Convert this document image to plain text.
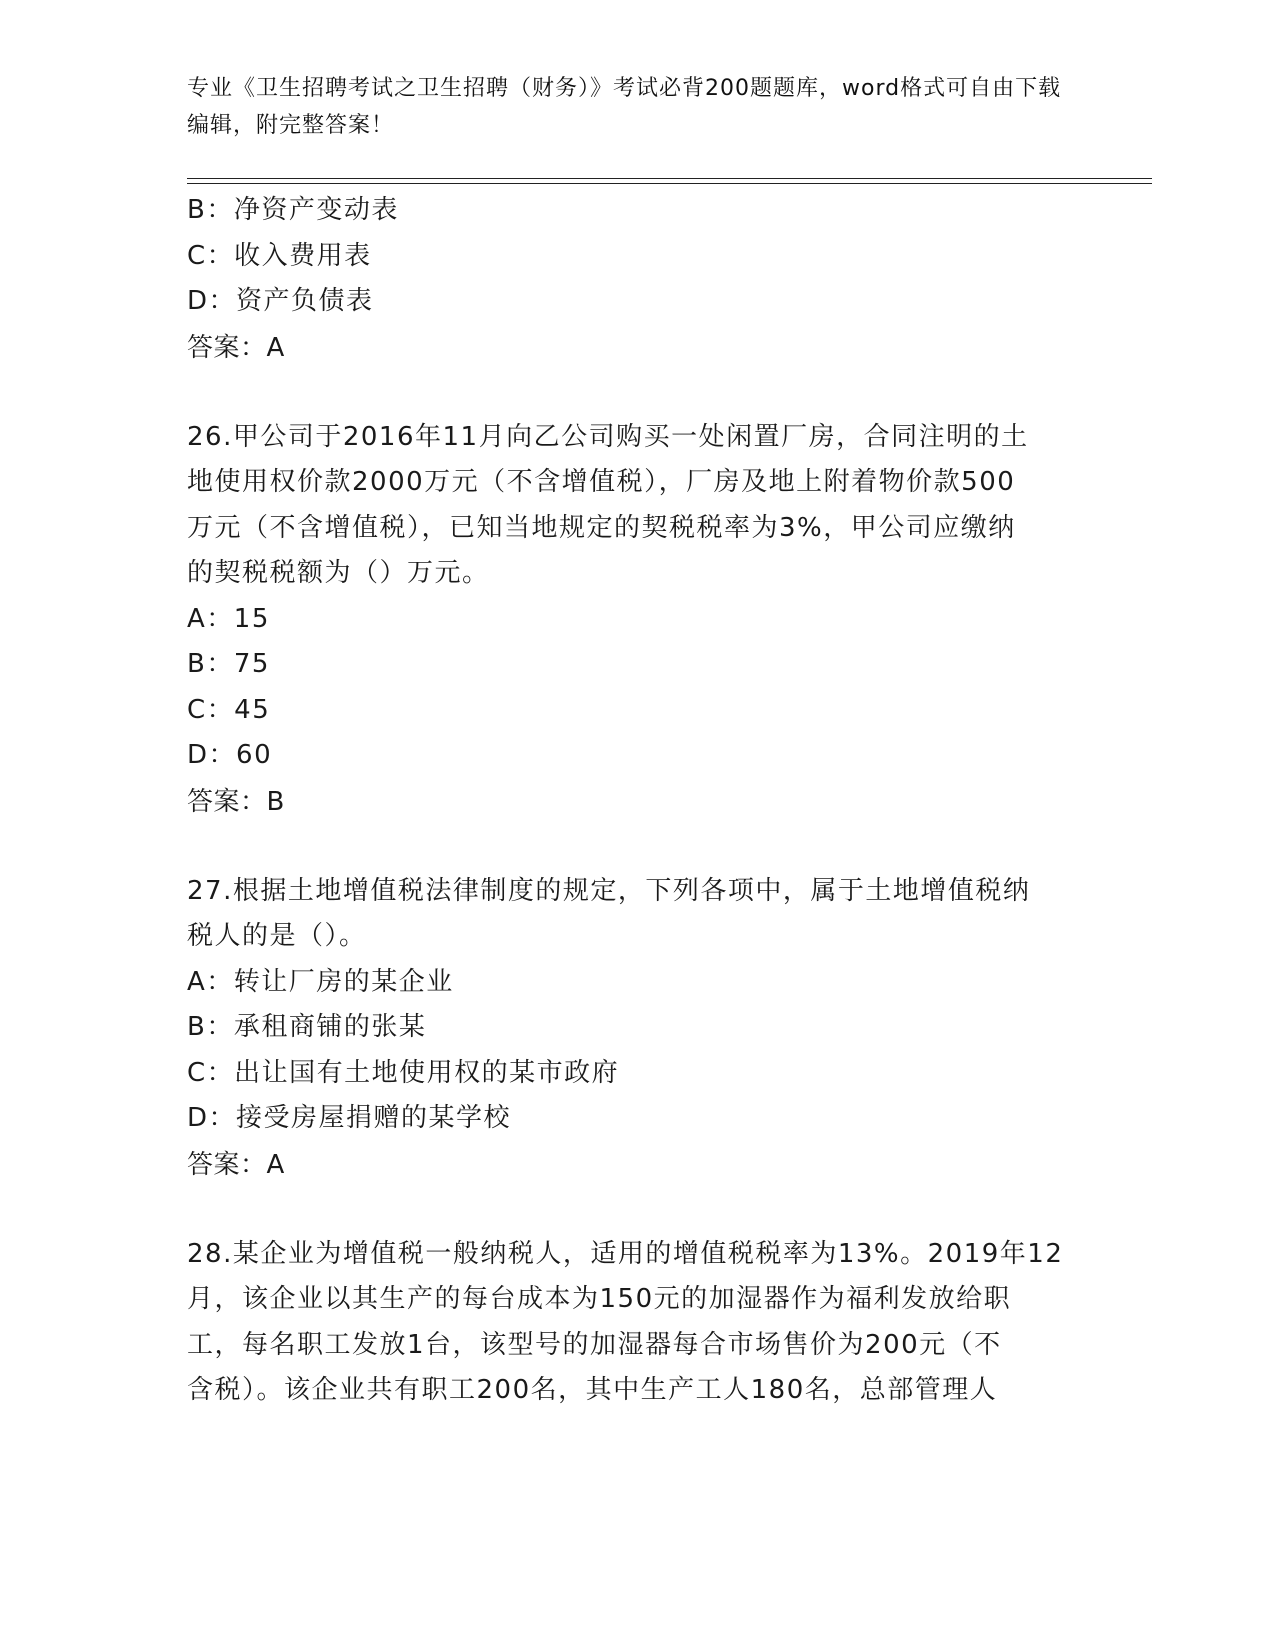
专业《卫生招聘考试之卫生招聘（财务）》考试必背200题题库，word格式可自由下载编辑，附完整答案！
B：净资产变动表
C：收入费用表
D：资产负债表
答案：A
26.甲公司于2016年11月向乙公司购买一处闲置厂房，合同注明的土
地使用权价款2000万元（不含增值税），厂房及地上附着物价款500
万元（不含增值税），已知当地规定的契税税率为3%，甲公司应缴纳
的契税税额为（）万元。
A：15
B：75
C：45
D：60
答案：B
27.根据土地增值税法律制度的规定，下列各项中，属于土地增值税纳
税人的是（）。
A：转让厂房的某企业
B：承租商铺的张某
C：出让国有土地使用权的某市政府
D：接受房屋捐赠的某学校
答案：A
28.某企业为增值税一般纳税人，适用的增值税税率为13%。2019年12
月，该企业以其生产的每台成本为150元的加湿器作为福利发放给职
工，每名职工发放1台，该型号的加湿器每合市场售价为200元（不
含税）。该企业共有职工200名，其中生产工人180名，总部管理人
